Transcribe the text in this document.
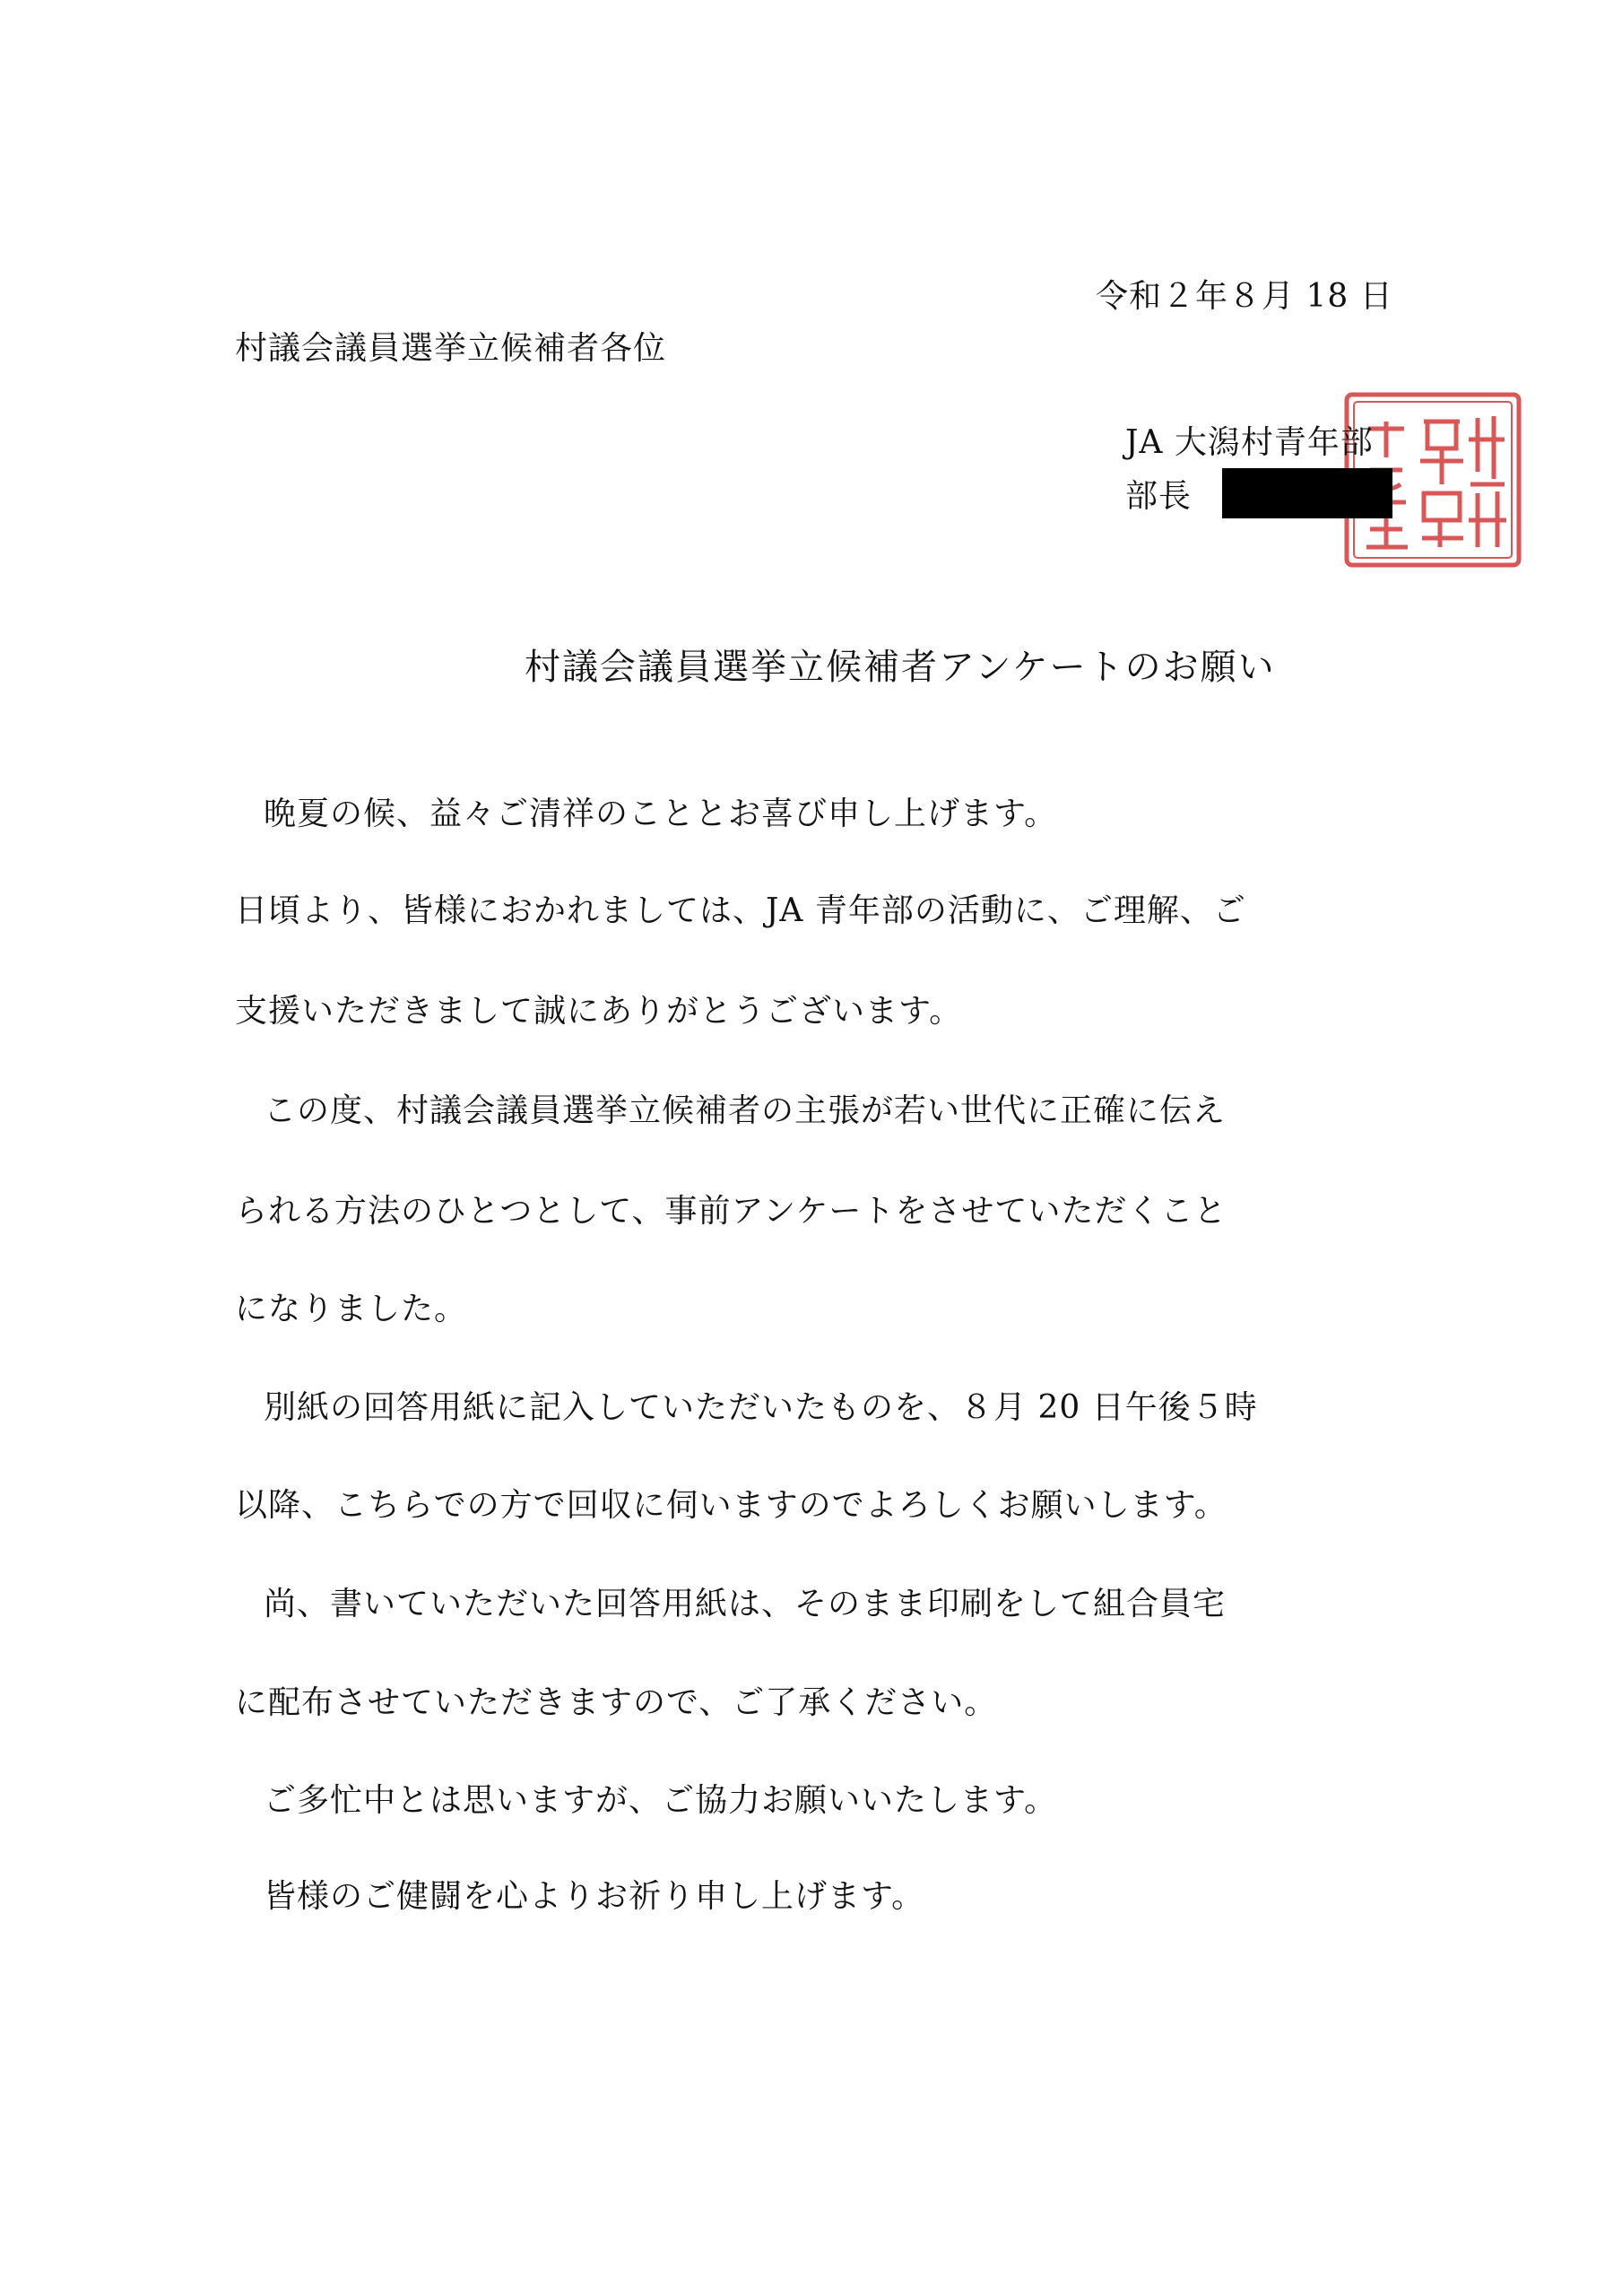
令和２年８月 18 日
村議会議員選挙立候補者各位
JA 大潟村青年部
部長
村議会議員選挙立候補者アンケートのお願い
晩夏の候、益々ご清祥のこととお喜び申し上げます。
日頃より、皆様におかれましては、JA 青年部の活動に、ご理解、ご
支援いただきまして誠にありがとうございます。
この度、村議会議員選挙立候補者の主張が若い世代に正確に伝え
られる方法のひとつとして、事前アンケートをさせていただくこと
になりました。
別紙の回答用紙に記入していただいたものを、８月 20 日午後５時
以降、こちらでの方で回収に伺いますのでよろしくお願いします。
尚、書いていただいた回答用紙は、そのまま印刷をして組合員宅
に配布させていただきますので、ご了承ください。
ご多忙中とは思いますが、ご協力お願いいたします。
皆様のご健闘を心よりお祈り申し上げます。
